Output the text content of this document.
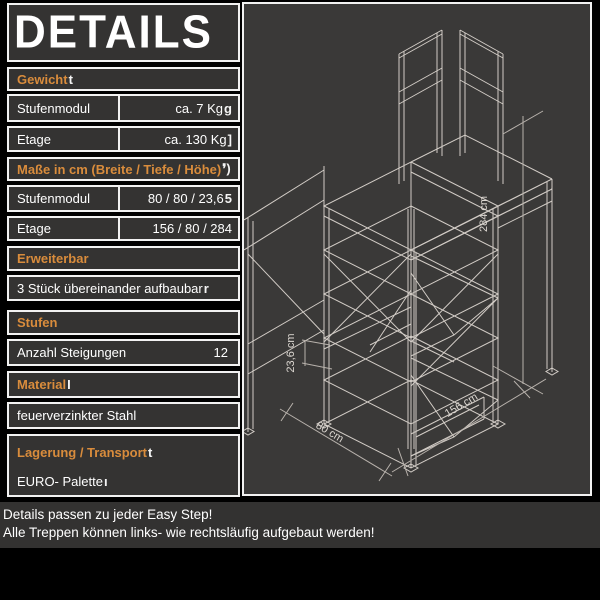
DETAILS
Gewicht t
Stufenmodul	ca. 7 Kg g
Etage	ca. 130 Kg ]
Maße in cm (Breite / Tiefe / Höhe) ❜)
Stufenmodul	80 / 80 / 23,6 5
Etage	156 / 80 / 284
Erweiterbar
3 Stück übereinander aufbaubar r
Stufen
Anzahl Steigungen	12
Material I
feuerverzinkter Stahl
Lagerung / Transportt
EURO- Paletteı
284 cm
23,6 cm
80 cm
156 cm
Details passen zu jeder Easy Step!
Alle Treppen können links- wie rechtsläufig aufgebaut werden!
